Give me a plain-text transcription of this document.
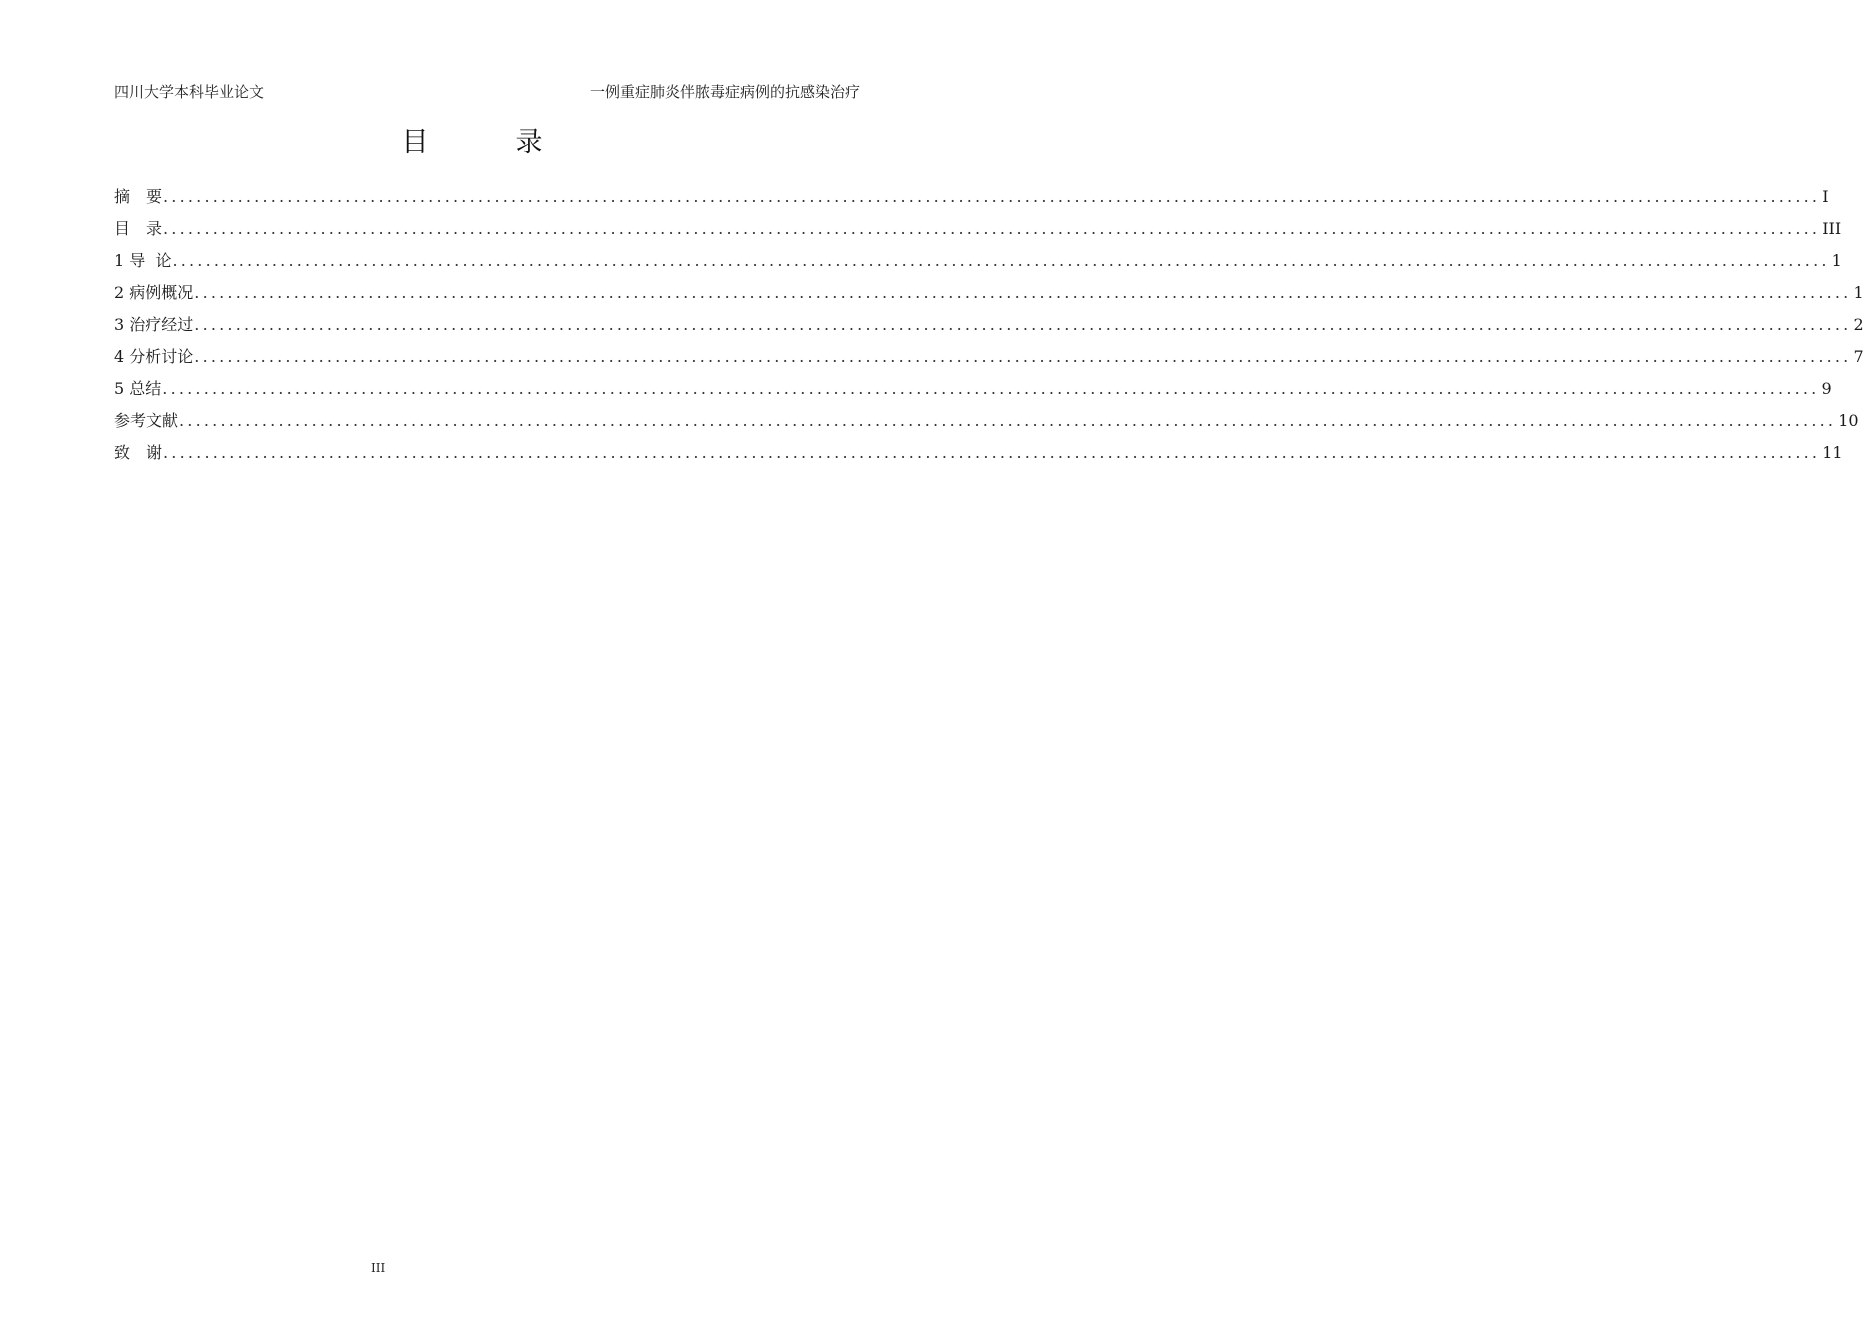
四川大学本科毕业论文	一例重症肺炎伴脓毒症病例的抗感染治疗
目　录
摘　要 ........................................................................................................................................................................................................ I
目　录 ........................................................................................................................................................................................................ III
1 导  论 ........................................................................................................................................................................................................ 1
2 病例概况 ........................................................................................................................................................................................................ 1
3 治疗经过 ........................................................................................................................................................................................................ 2
4 分析讨论 ........................................................................................................................................................................................................ 7
5 总结 ........................................................................................................................................................................................................ 9
参考文献 ........................................................................................................................................................................................................ 10
致　谢 ........................................................................................................................................................................................................ 11
III
